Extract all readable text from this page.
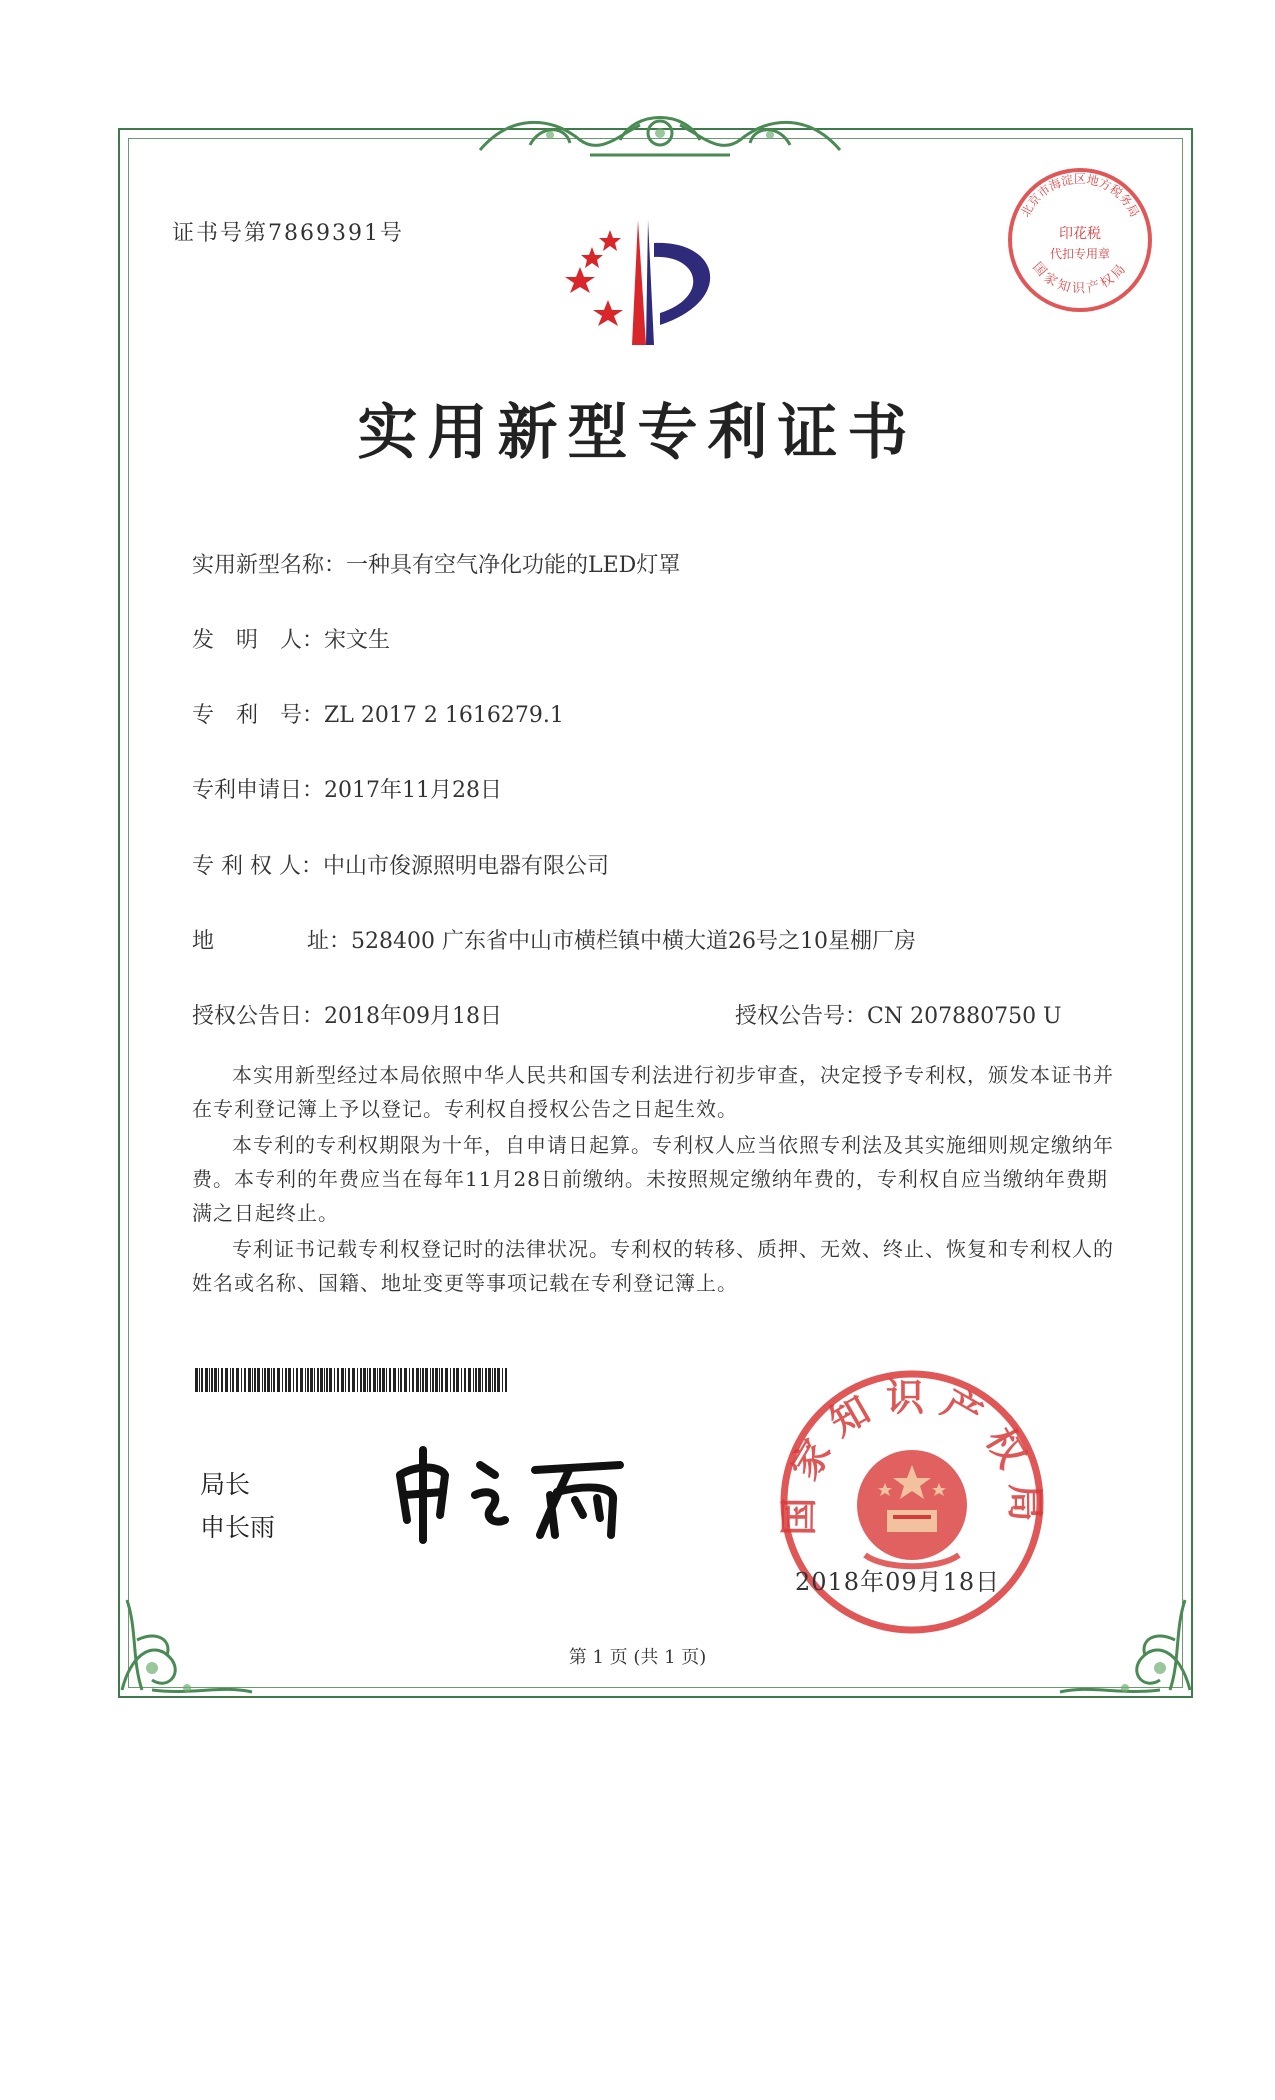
证书号第7869391号
实用新型专利证书
实用新型名称：一种具有空气净化功能的LED灯罩
发　明　人：宋文生
专　利　号：ZL 2017 2 1616279.1
专利申请日：2017年11月28日
专 利 权 人：中山市俊源照明电器有限公司
地	址：528400 广东省中山市横栏镇中横大道26号之10星棚厂房
授权公告日：2018年09月18日	授权公告号：CN 207880750 U

本实用新型经过本局依照中华人民共和国专利法进行初步审查，决定授予专利权，颁发本证书并在专利登记簿上予以登记。专利权自授权公告之日起生效。

本专利的专利权期限为十年，自申请日起算。专利权人应当依照专利法及其实施细则规定缴纳年费。本专利的年费应当在每年11月28日前缴纳。未按照规定缴纳年费的，专利权自应当缴纳年费期满之日起终止。

专利证书记载专利权登记时的法律状况。专利权的转移、质押、无效、终止、恢复和专利权人的姓名或名称、国籍、地址变更等事项记载在专利登记簿上。

局长
申长雨	国家知识产权局
2018年09月18日
北京市海淀区地方税务局
印花税
代扣专用章
国家知识产权局
第 1 页 (共 1 页)
